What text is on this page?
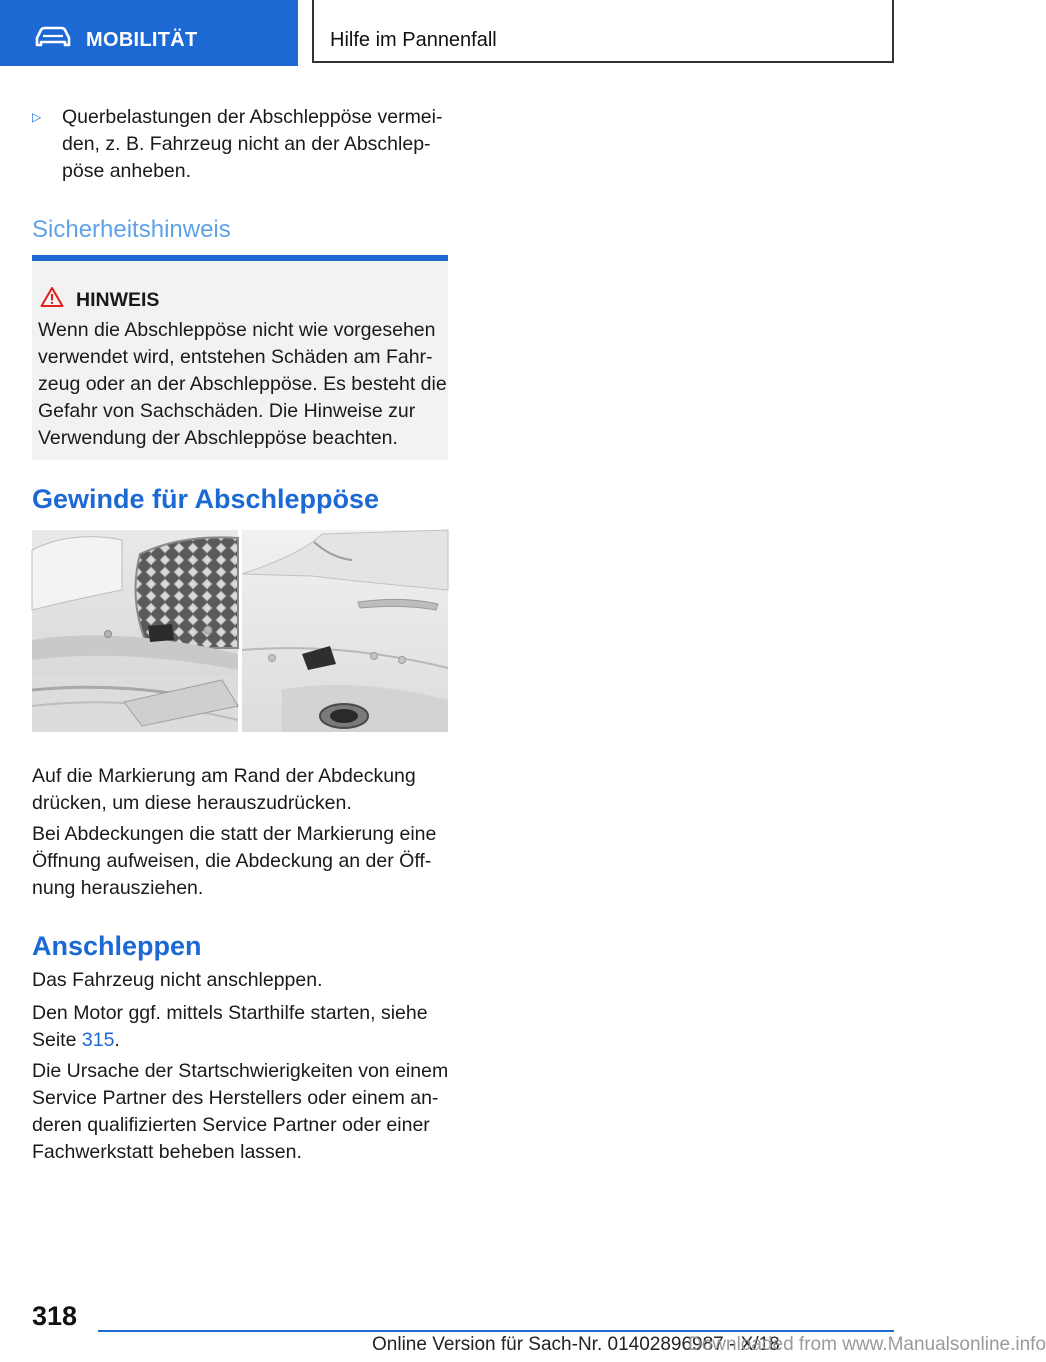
MOBILITÄT	Hilfe im Pannenfall
▷ Querbelastungen der Abschleppöse vermei‐
den, z. B. Fahrzeug nicht an der Abschlep‐
pöse anheben.
Sicherheitshinweis
HINWEIS
Wenn die Abschleppöse nicht wie vorgesehen
verwendet wird, entstehen Schäden am Fahr‐
zeug oder an der Abschleppöse. Es besteht die
Gefahr von Sachschäden. Die Hinweise zur
Verwendung der Abschleppöse beachten.
Gewinde für Abschleppöse
Auf die Markierung am Rand der Abdeckung
drücken, um diese herauszudrücken.
Bei Abdeckungen die statt der Markierung eine
Öffnung aufweisen, die Abdeckung an der Öff‐
nung herausziehen.
Anschleppen
Das Fahrzeug nicht anschleppen.
Den Motor ggf. mittels Starthilfe starten, siehe
Seite 315.
Die Ursache der Startschwierigkeiten von einem
Service Partner des Herstellers oder einem an‐
deren qualifizierten Service Partner oder einer
Fachwerkstatt beheben lassen.
318
Online Version für Sach-Nr. 01402896987 - X/18
Downloaded from www.Manualsonline.info
